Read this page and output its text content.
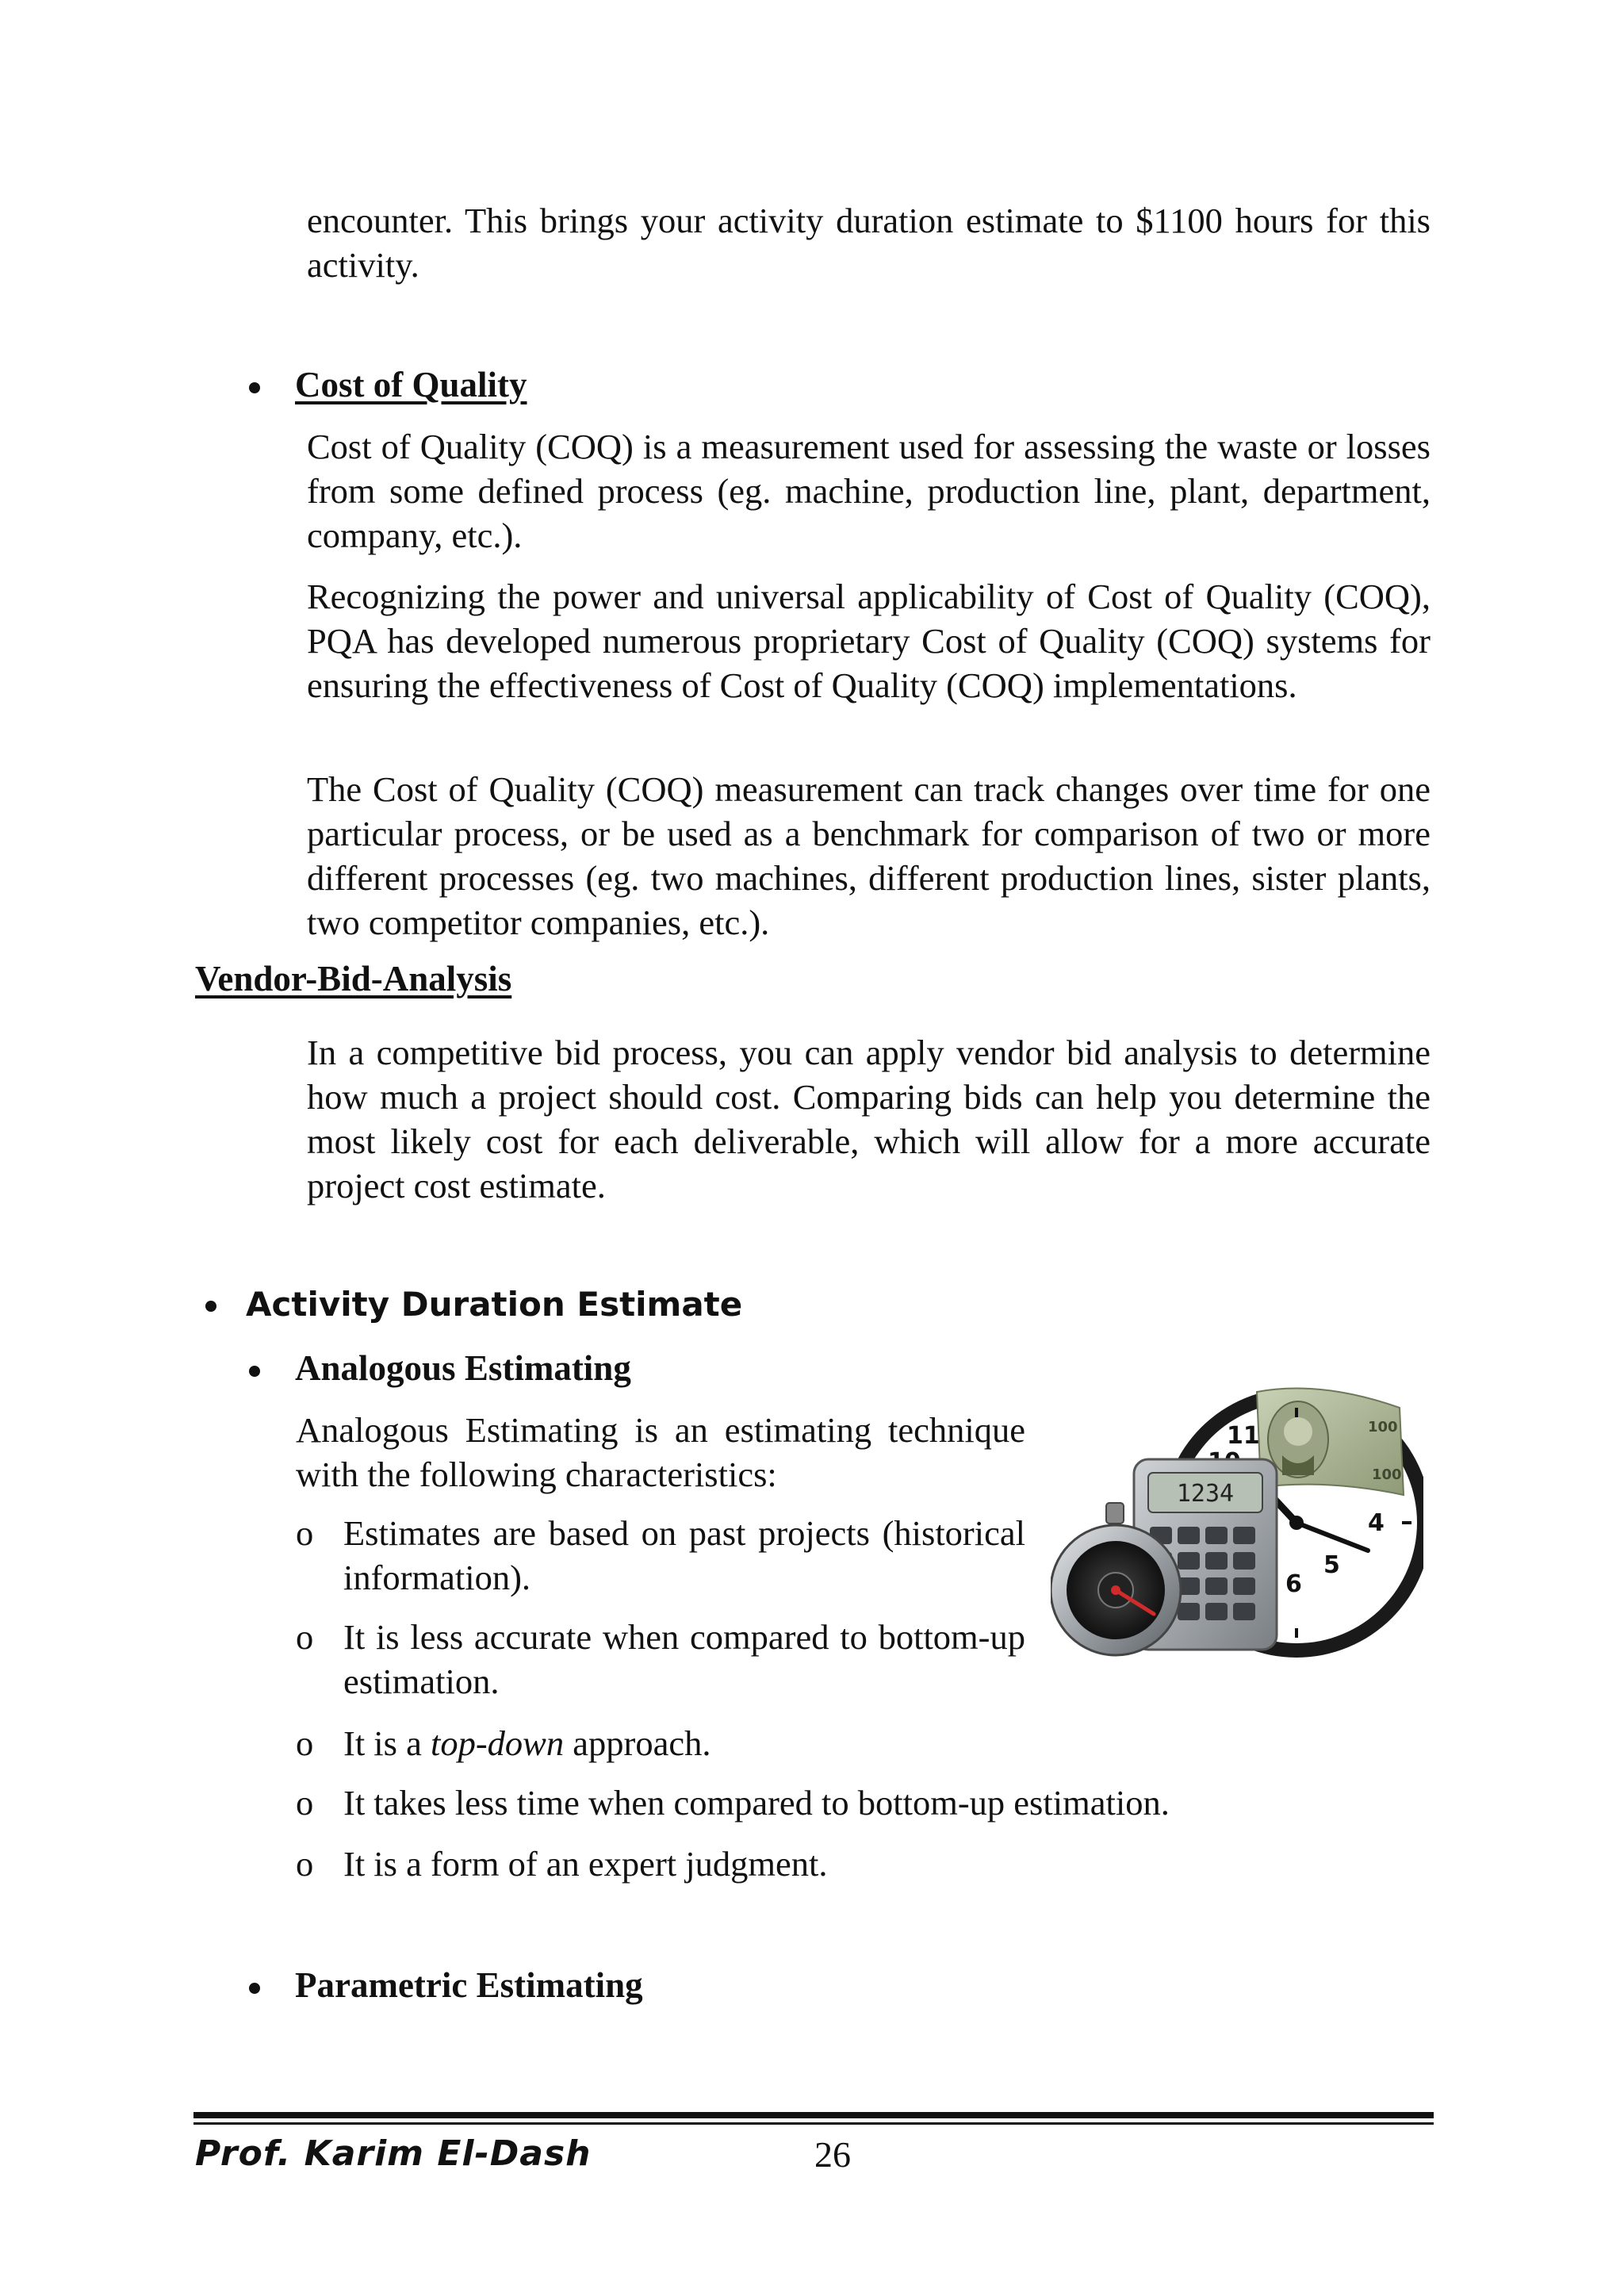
encounter. This brings your activity duration estimate to $1100 hours for this activity.

Cost of Quality

Cost of Quality (COQ) is a measurement used for assessing the waste or losses from some defined process (eg. machine, production line, plant, department, company, etc.).

Recognizing the power and universal applicability of Cost of Quality (COQ), PQA has developed numerous proprietary Cost of Quality (COQ) systems for ensuring the effectiveness of Cost of Quality (COQ) implementations.

The Cost of Quality (COQ) measurement can track changes over time for one particular process, or be used as a benchmark for comparison of two or more different processes (eg. two machines, different production lines, sister plants, two competitor companies, etc.).

Vendor-Bid-Analysis

In a competitive bid process, you can apply vendor bid analysis to determine how much a project should cost. Comparing bids can help you determine the most likely cost for each deliverable, which will allow for a more accurate project cost estimate.

Activity Duration Estimate
Analogous Estimating

Analogous Estimating is an estimating technique with the following characteristics:

o Estimates are based on past projects (historical information).
o It is less accurate when compared to bottom-up estimation.
o It is a top-down approach.
o It takes less time when compared to bottom-up estimation.
o It is a form of an expert judgment.
Parametric Estimating
100
100
11
6
5
4
1234
Prof. Karim El-Dash	26
